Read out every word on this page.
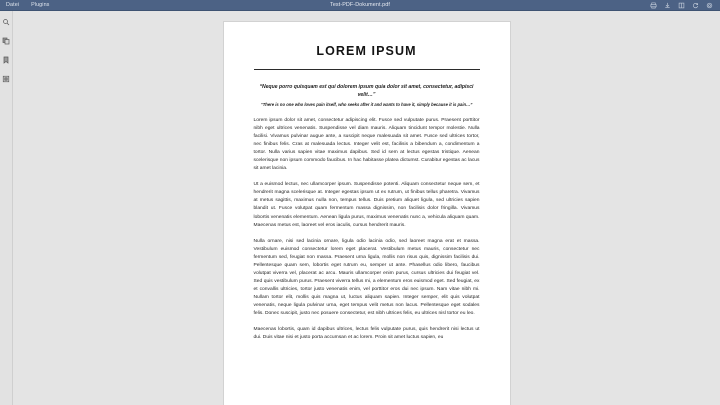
Datei Plugins	Test-PDF-Dokument.pdf
LOREM IPSUM
“Neque porro quisquam est qui dolorem ipsum quia dolor sit amet, consectetur, adipisci velit…”
“There is no one who loves pain itself, who seeks after it and wants to have it, simply because it is pain…”

Lorem ipsum dolor sit amet, consectetur adipiscing elit. Fusce sed vulputate purus. Praesent porttitor nibh eget ultrices venenatis. Suspendisse vel diam mauris. Aliquam tincidunt tempor molestie. Nulla facilisi. Vivamus pulvinar augue ante, a suscipit neque malesuada sit amet. Fusce sed ultrices tortor, nec finibus felis. Cras at malesuada lectus. Integer velit est, facilisis a bibendum a, condimentum a tortor. Nulla varius sapien vitae maximus dapibus. Sed id sem at lectus egestas tristique. Aenean scelerisque non ipsum commodo faucibus. In hac habitasse platea dictumst. Curabitur egestas ac lacus sit amet lacinia.

Ut a euismod lectus, nec ullamcorper ipsum. Suspendisse potenti. Aliquam consectetur neque sem, et hendrerit magna scelerisque at. Integer egestas ipsum ut ex rutrum, ut finibus tellus pharetra. Vivamus at metus sagittis, maximus nulla non, tempus tellus. Duis pretium aliquet ligula, sed ultricies sapien blandit ut. Fusce volutpat quam fermentum massa dignissim, non facilisis dolor fringilla. Vivamus lobortis venenatis elementum. Aenean ligula purus, maximus venenatis nunc a, vehicula aliquam quam. Maecenas metus est, laoreet vel eros iaculis, cursus hendrerit mauris.

Nulla ornare, nisi sed lacinia ornare, ligula odio lacinia odio, sed laoreet magna erat et massa. Vestibulum euismod consectetur lorem eget placerat. Vestibulum metus mauris, consectetur nec fermentum sed, feugiat non massa. Praesent urna ligula, mollis non risus quis, dignissim facilisis dui. Pellentesque quam sem, lobortis eget rutrum eu, semper ut ante. Phasellus odio libero, faucibus volutpat viverra vel, placerat ac arcu. Mauris ullamcorper enim purus, cursus ultricies dui feugiat vel. Sed quis vestibulum purus. Praesent viverra tellus mi, a elementum eros euismod eget. Sed feugiat, ex et convallis ultricies, tortor justo venenatis enim, vel porttitor eros dui nec ipsum. Nam vitae nibh mi. Nullam tortor elit, mollis quis magna ut, luctus aliquam sapien. Integer semper, elit quis volutpat venenatis, neque ligula pulvinar urna, eget tempus velit metus non lacus. Pellentesque eget sodales felis. Donec suscipit, justo nec posuere consectetur, est nibh ultrices felis, eu ultrices nisl tortor eu leo.

Maecenas lobortis, quam id dapibus ultrices, lectus felis vulputate purus, quis hendrerit nisi lectus ut dui. Duis vitae nisi et justo porta accumsan et ac lorem. Proin sit amet luctus sapien, eu
